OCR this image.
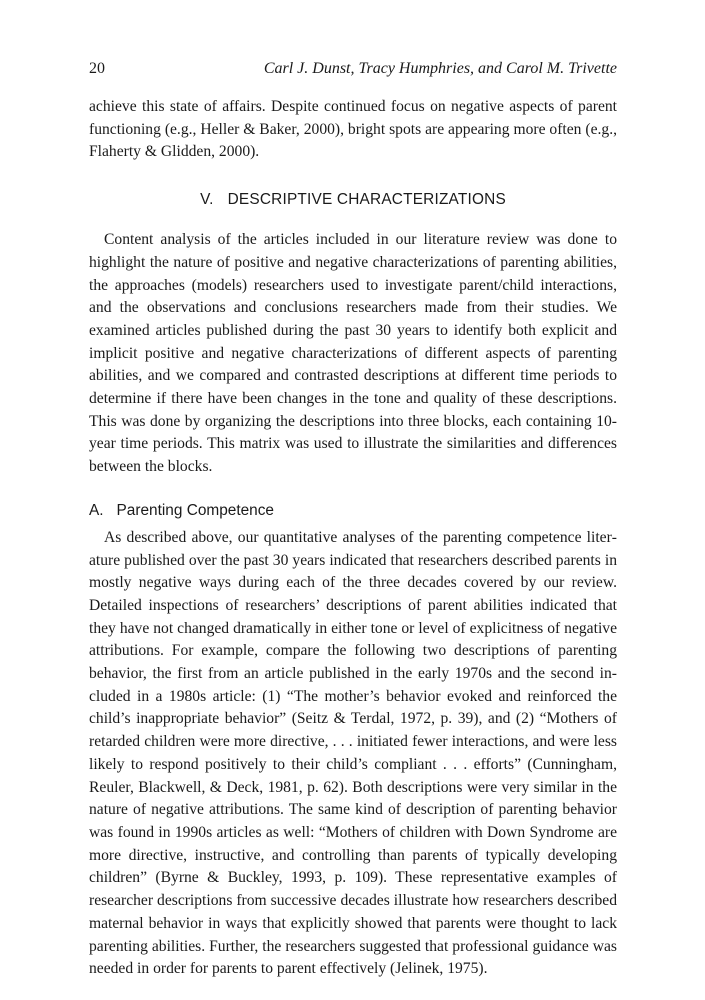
20	Carl J. Dunst, Tracy Humphries, and Carol M. Trivette

achieve this state of affairs. Despite continued focus on negative aspects of parent functioning (e.g., Heller & Baker, 2000), bright spots are appearing more often (e.g., Flaherty & Glidden, 2000).

V. DESCRIPTIVE CHARACTERIZATIONS

Content analysis of the articles included in our literature review was done to highlight the nature of positive and negative characterizations of parenting abilities, the approaches (models) researchers used to investigate parent/child interactions, and the observations and conclusions researchers made from their studies. We examined articles published during the past 30 years to identify both explicit and implicit positive and negative characterizations of different aspects of parenting abilities, and we compared and contrasted descriptions at different time periods to determine if there have been changes in the tone and quality of these descriptions. This was done by organizing the descriptions into three blocks, each containing 10-year time periods. This matrix was used to illustrate the similarities and differences between the blocks.

A. Parenting Competence

As described above, our quantitative analyses of the parenting competence literature published over the past 30 years indicated that researchers described parents in mostly negative ways during each of the three decades covered by our review. Detailed inspections of researchers’ descriptions of parent abilities indicated that they have not changed dramatically in either tone or level of explicitness of negative attributions. For example, compare the following two descriptions of parenting behavior, the first from an article published in the early 1970s and the second included in a 1980s article: (1) “The mother’s behavior evoked and reinforced the child’s inappropriate behavior” (Seitz & Terdal, 1972, p. 39), and (2) “Mothers of retarded children were more directive, . . . initiated fewer interactions, and were less likely to respond positively to their child’s compliant . . . efforts” (Cunningham, Reuler, Blackwell, & Deck, 1981, p. 62). Both descriptions were very similar in the nature of negative attributions. The same kind of description of parenting behavior was found in 1990s articles as well: “Mothers of children with Down Syndrome are more directive, instructive, and controlling than parents of typically developing children” (Byrne & Buckley, 1993, p. 109). These representative examples of researcher descriptions from successive decades illustrate how researchers described maternal behavior in ways that explicitly showed that parents were thought to lack parenting abilities. Further, the researchers suggested that professional guidance was needed in order for parents to parent effectively (Jelinek, 1975).
